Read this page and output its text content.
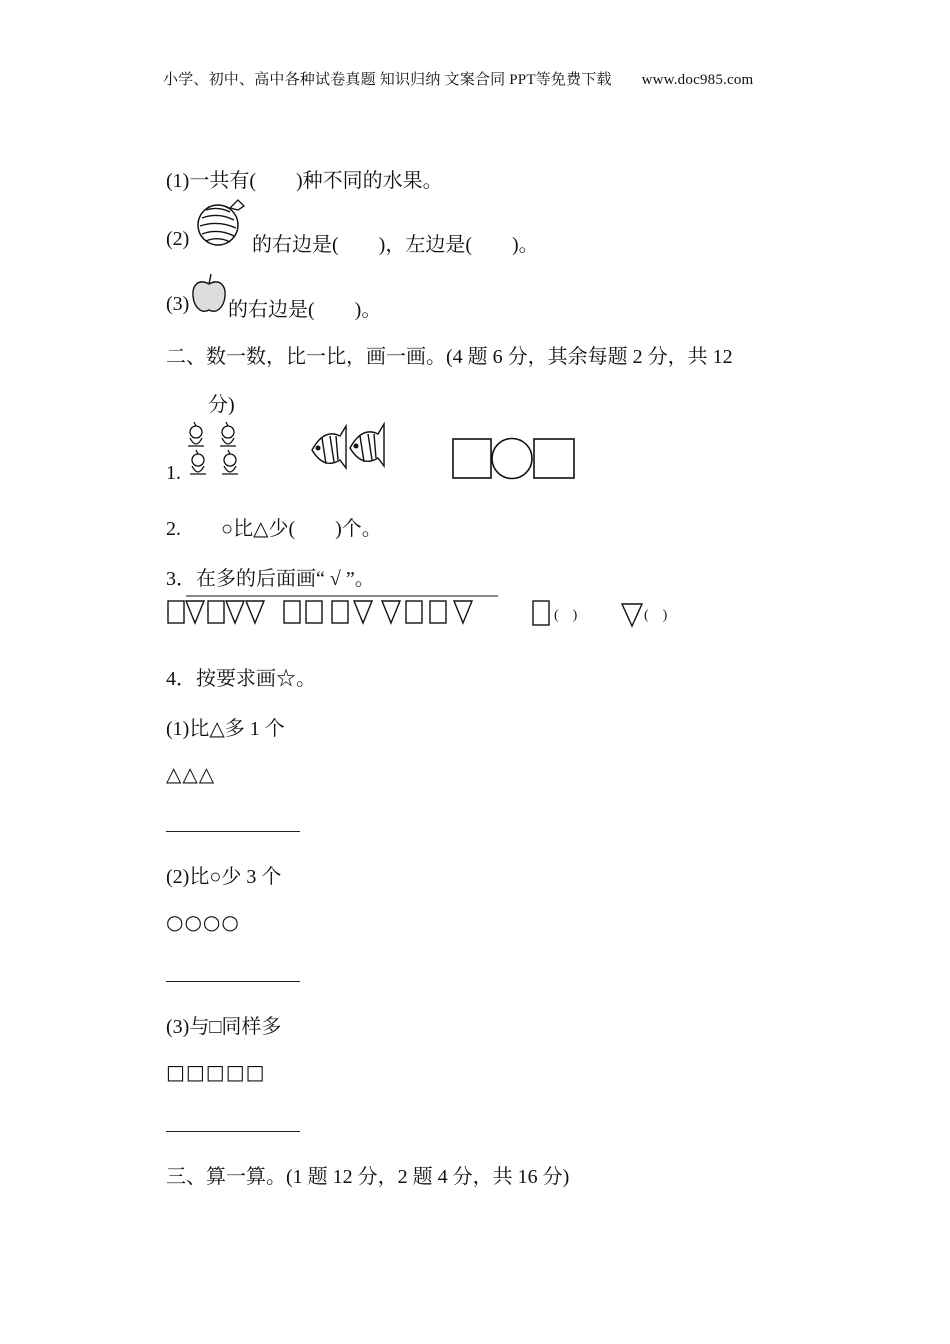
小学、初中、高中各种试卷真题 知识归纳 文案合同 PPT等免费下载 www.doc985.com
(1)一共有(　　)种不同的水果。
(2)	的右边是(　　)，左边是(　　)。
(3) 的右边是(　　)。
二、数一数，比一比，画一画。(4 题 6 分，其余每题 2 分，共 12
分)
1.
2.　　○比△少(　　)个。
3．在多的后面画“ √ ”。
(　)	(　)
4．按要求画☆。
(1)比△多 1 个
△△△
(2)比○少 3 个
○○○○
(3)与□同样多
□□□□□
三、算一算。(1 题 12 分，2 题 4 分，共 16 分)
